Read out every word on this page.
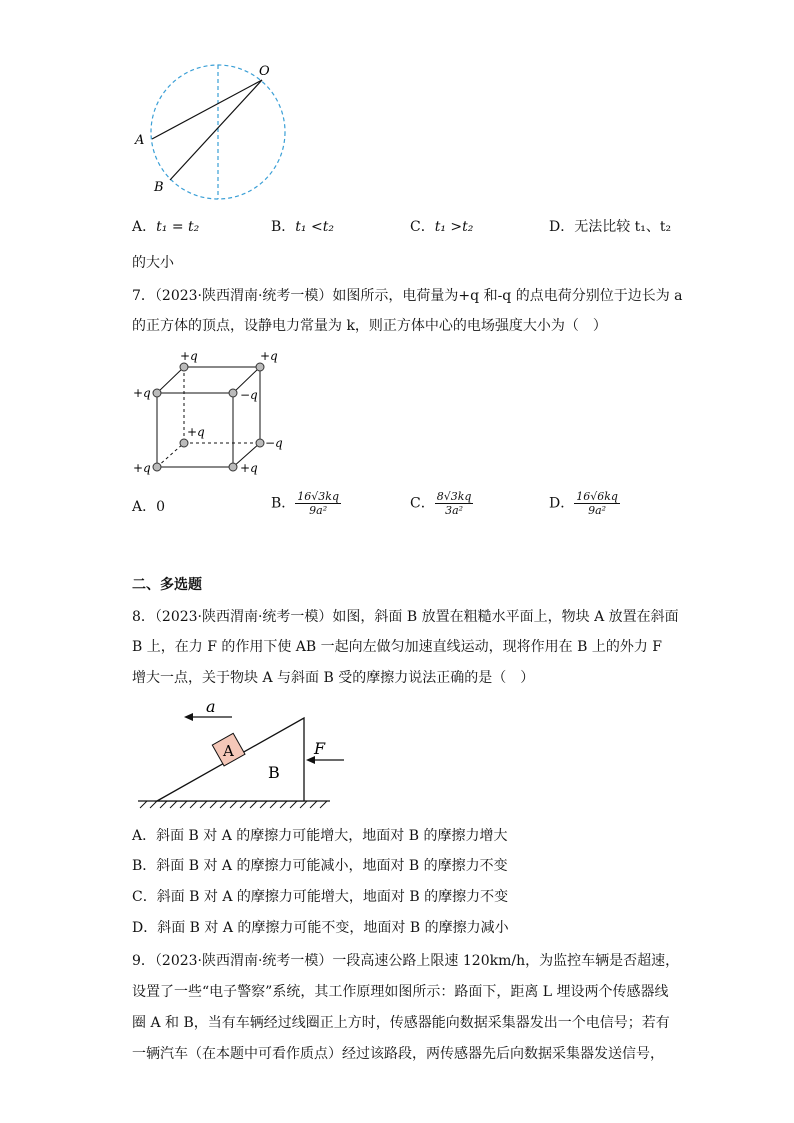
O
A
B
A．t₁ = t₂	B．t₁ <t₂	C．t₁ >t₂	D．无法比较 t₁、t₂
的大小
7．（2023·陕西渭南·统考一模）如图所示，电荷量为+q 和-q 的点电荷分别位于边长为 a
的正方体的顶点，设静电力常量为 k，则正方体中心的电场强度大小为（　）
+q	+q
+q	−q
+q
−q
+q	+q
A．0	B． $\frac{16√3kq}{\text{9a²}}$	C． $\frac{8√3kq}{\text{3a²}}$	D． $\frac{16√6kq}{\text{9a²}}$
二、多选题
8．（2023·陕西渭南·统考一模）如图，斜面 B 放置在粗糙水平面上，物块 A 放置在斜面
B 上，在力 F 的作用下使 AB 一起向左做匀加速直线运动，现将作用在 B 上的外力 F
增大一点，关于物块 A 与斜面 B 受的摩擦力说法正确的是（　）
a
A
B
F
A．斜面 B 对 A 的摩擦力可能增大，地面对 B 的摩擦力增大
B．斜面 B 对 A 的摩擦力可能减小，地面对 B 的摩擦力不变
C．斜面 B 对 A 的摩擦力可能增大，地面对 B 的摩擦力不变
D．斜面 B 对 A 的摩擦力可能不变，地面对 B 的摩擦力减小
9．（2023·陕西渭南·统考一模）一段高速公路上限速 120km/h，为监控车辆是否超速，
设置了一些“电子警察”系统，其工作原理如图所示：路面下，距离 L 埋设两个传感器线
圈 A 和 B，当有车辆经过线圈正上方时，传感器能向数据采集器发出一个电信号；若有
一辆汽车（在本题中可看作质点）经过该路段，两传感器先后向数据采集器发送信号，
